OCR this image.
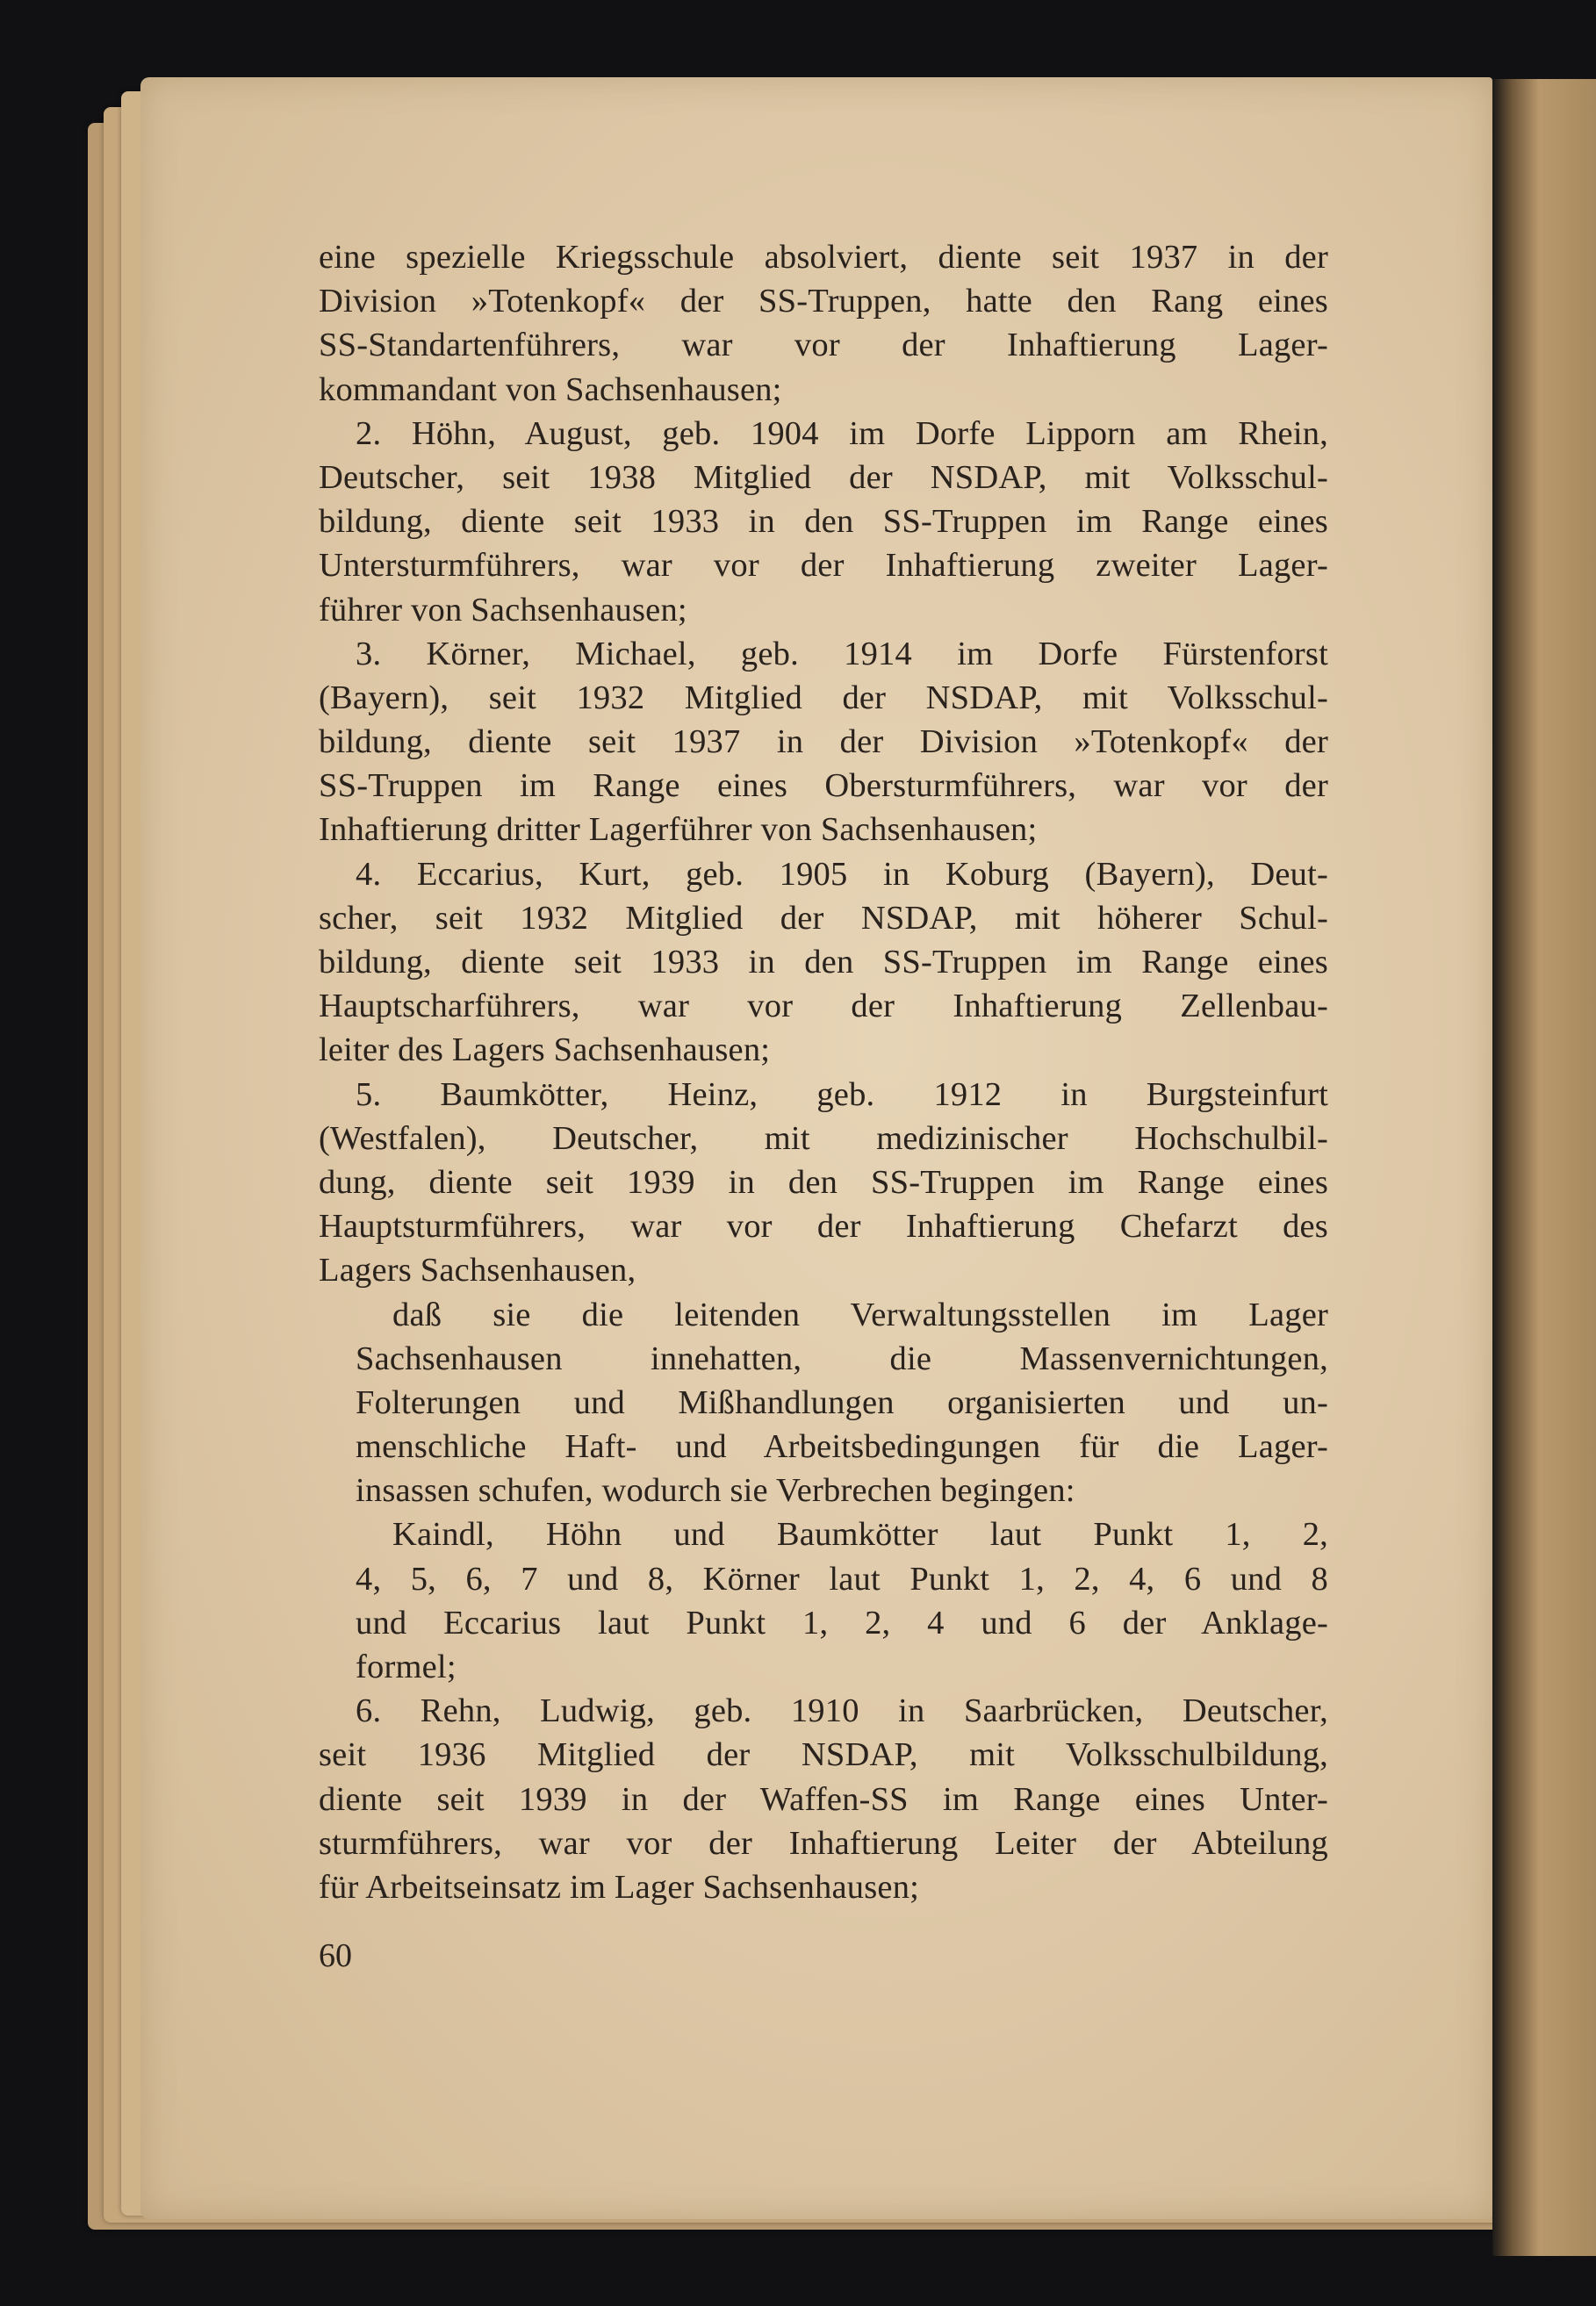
eine spezielle Kriegsschule absolviert, diente seit 1937 in der
Division »Totenkopf« der SS-Truppen, hatte den Rang eines
SS-Standartenführers, war vor der Inhaftierung Lager-
kommandant von Sachsenhausen;
2. Höhn, August, geb. 1904 im Dorfe Lipporn am Rhein,
Deutscher, seit 1938 Mitglied der NSDAP, mit Volksschul-
bildung, diente seit 1933 in den SS-Truppen im Range eines
Untersturmführers, war vor der Inhaftierung zweiter Lager-
führer von Sachsenhausen;
3. Körner, Michael, geb. 1914 im Dorfe Fürstenforst
(Bayern), seit 1932 Mitglied der NSDAP, mit Volksschul-
bildung, diente seit 1937 in der Division »Totenkopf« der
SS-Truppen im Range eines Obersturmführers, war vor der
Inhaftierung dritter Lagerführer von Sachsenhausen;
4. Eccarius, Kurt, geb. 1905 in Koburg (Bayern), Deut-
scher, seit 1932 Mitglied der NSDAP, mit höherer Schul-
bildung, diente seit 1933 in den SS-Truppen im Range eines
Hauptscharführers, war vor der Inhaftierung Zellenbau-
leiter des Lagers Sachsenhausen;
5. Baumkötter, Heinz, geb. 1912 in Burgsteinfurt
(Westfalen), Deutscher, mit medizinischer Hochschulbil-
dung, diente seit 1939 in den SS-Truppen im Range eines
Hauptsturmführers, war vor der Inhaftierung Chefarzt des
Lagers Sachsenhausen,
daß sie die leitenden Verwaltungsstellen im Lager
Sachsenhausen innehatten, die Massenvernichtungen,
Folterungen und Mißhandlungen organisierten und un-
menschliche Haft- und Arbeitsbedingungen für die Lager-
insassen schufen, wodurch sie Verbrechen begingen:
Kaindl, Höhn und Baumkötter laut Punkt 1, 2,
4, 5, 6, 7 und 8, Körner laut Punkt 1, 2, 4, 6 und 8
und Eccarius laut Punkt 1, 2, 4 und 6 der Anklage-
formel;
6. Rehn, Ludwig, geb. 1910 in Saarbrücken, Deutscher,
seit 1936 Mitglied der NSDAP, mit Volksschulbildung,
diente seit 1939 in der Waffen-SS im Range eines Unter-
sturmführers, war vor der Inhaftierung Leiter der Abteilung
für Arbeitseinsatz im Lager Sachsenhausen;
60
